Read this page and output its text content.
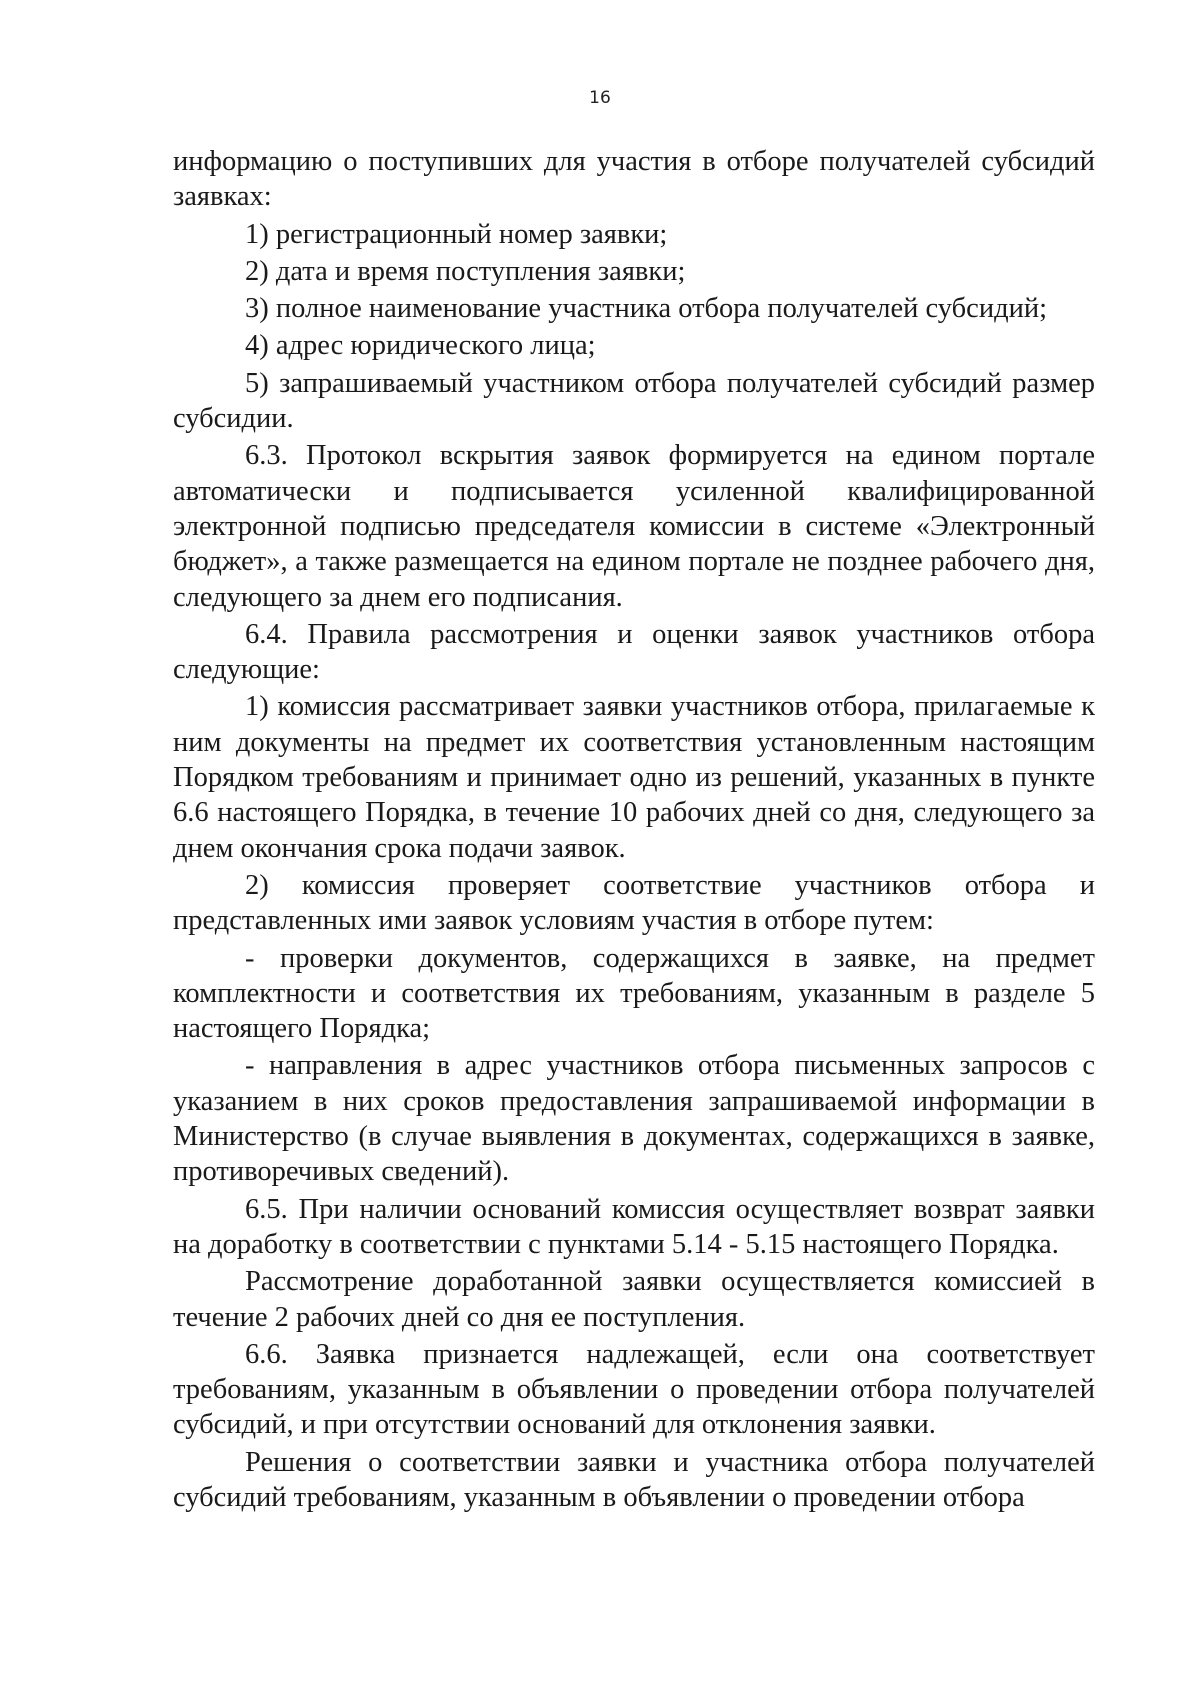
16

информацию о поступивших для участия в отборе получателей субсидий заявках:

1) регистрационный номер заявки;

2) дата и время поступления заявки;

3) полное наименование участника отбора получателей субсидий;

4) адрес юридического лица;

5) запрашиваемый участником отбора получателей субсидий размер субсидии.

6.3. Протокол вскрытия заявок формируется на едином портале автоматически и подписывается усиленной квалифицированной электронной подписью председателя комиссии в системе «Электронный бюджет», а также размещается на едином портале не позднее рабочего дня, следующего за днем его подписания.

6.4. Правила рассмотрения и оценки заявок участников отбора следующие:

1) комиссия рассматривает заявки участников отбора, прилагаемые к ним документы на предмет их соответствия установленным настоящим Порядком требованиям и принимает одно из решений, указанных в пункте 6.6 настоящего Порядка, в течение 10 рабочих дней со дня, следующего за днем окончания срока подачи заявок.

2) комиссия проверяет соответствие участников отбора и представленных ими заявок условиям участия в отборе путем:

- проверки документов, содержащихся в заявке, на предмет комплектности и соответствия их требованиям, указанным в разделе 5 настоящего Порядка;

- направления в адрес участников отбора письменных запросов с указанием в них сроков предоставления запрашиваемой информации в Министерство (в случае выявления в документах, содержащихся в заявке, противоречивых сведений).

6.5. При наличии оснований комиссия осуществляет возврат заявки на доработку в соответствии с пунктами 5.14 - 5.15 настоящего Порядка.

Рассмотрение доработанной заявки осуществляется комиссией в течение 2 рабочих дней со дня ее поступления.

6.6. Заявка признается надлежащей, если она соответствует требованиям, указанным в объявлении о проведении отбора получателей субсидий, и при отсутствии оснований для отклонения заявки.

Решения о соответствии заявки и участника отбора получателей субсидий требованиям, указанным в объявлении о проведении отбора
